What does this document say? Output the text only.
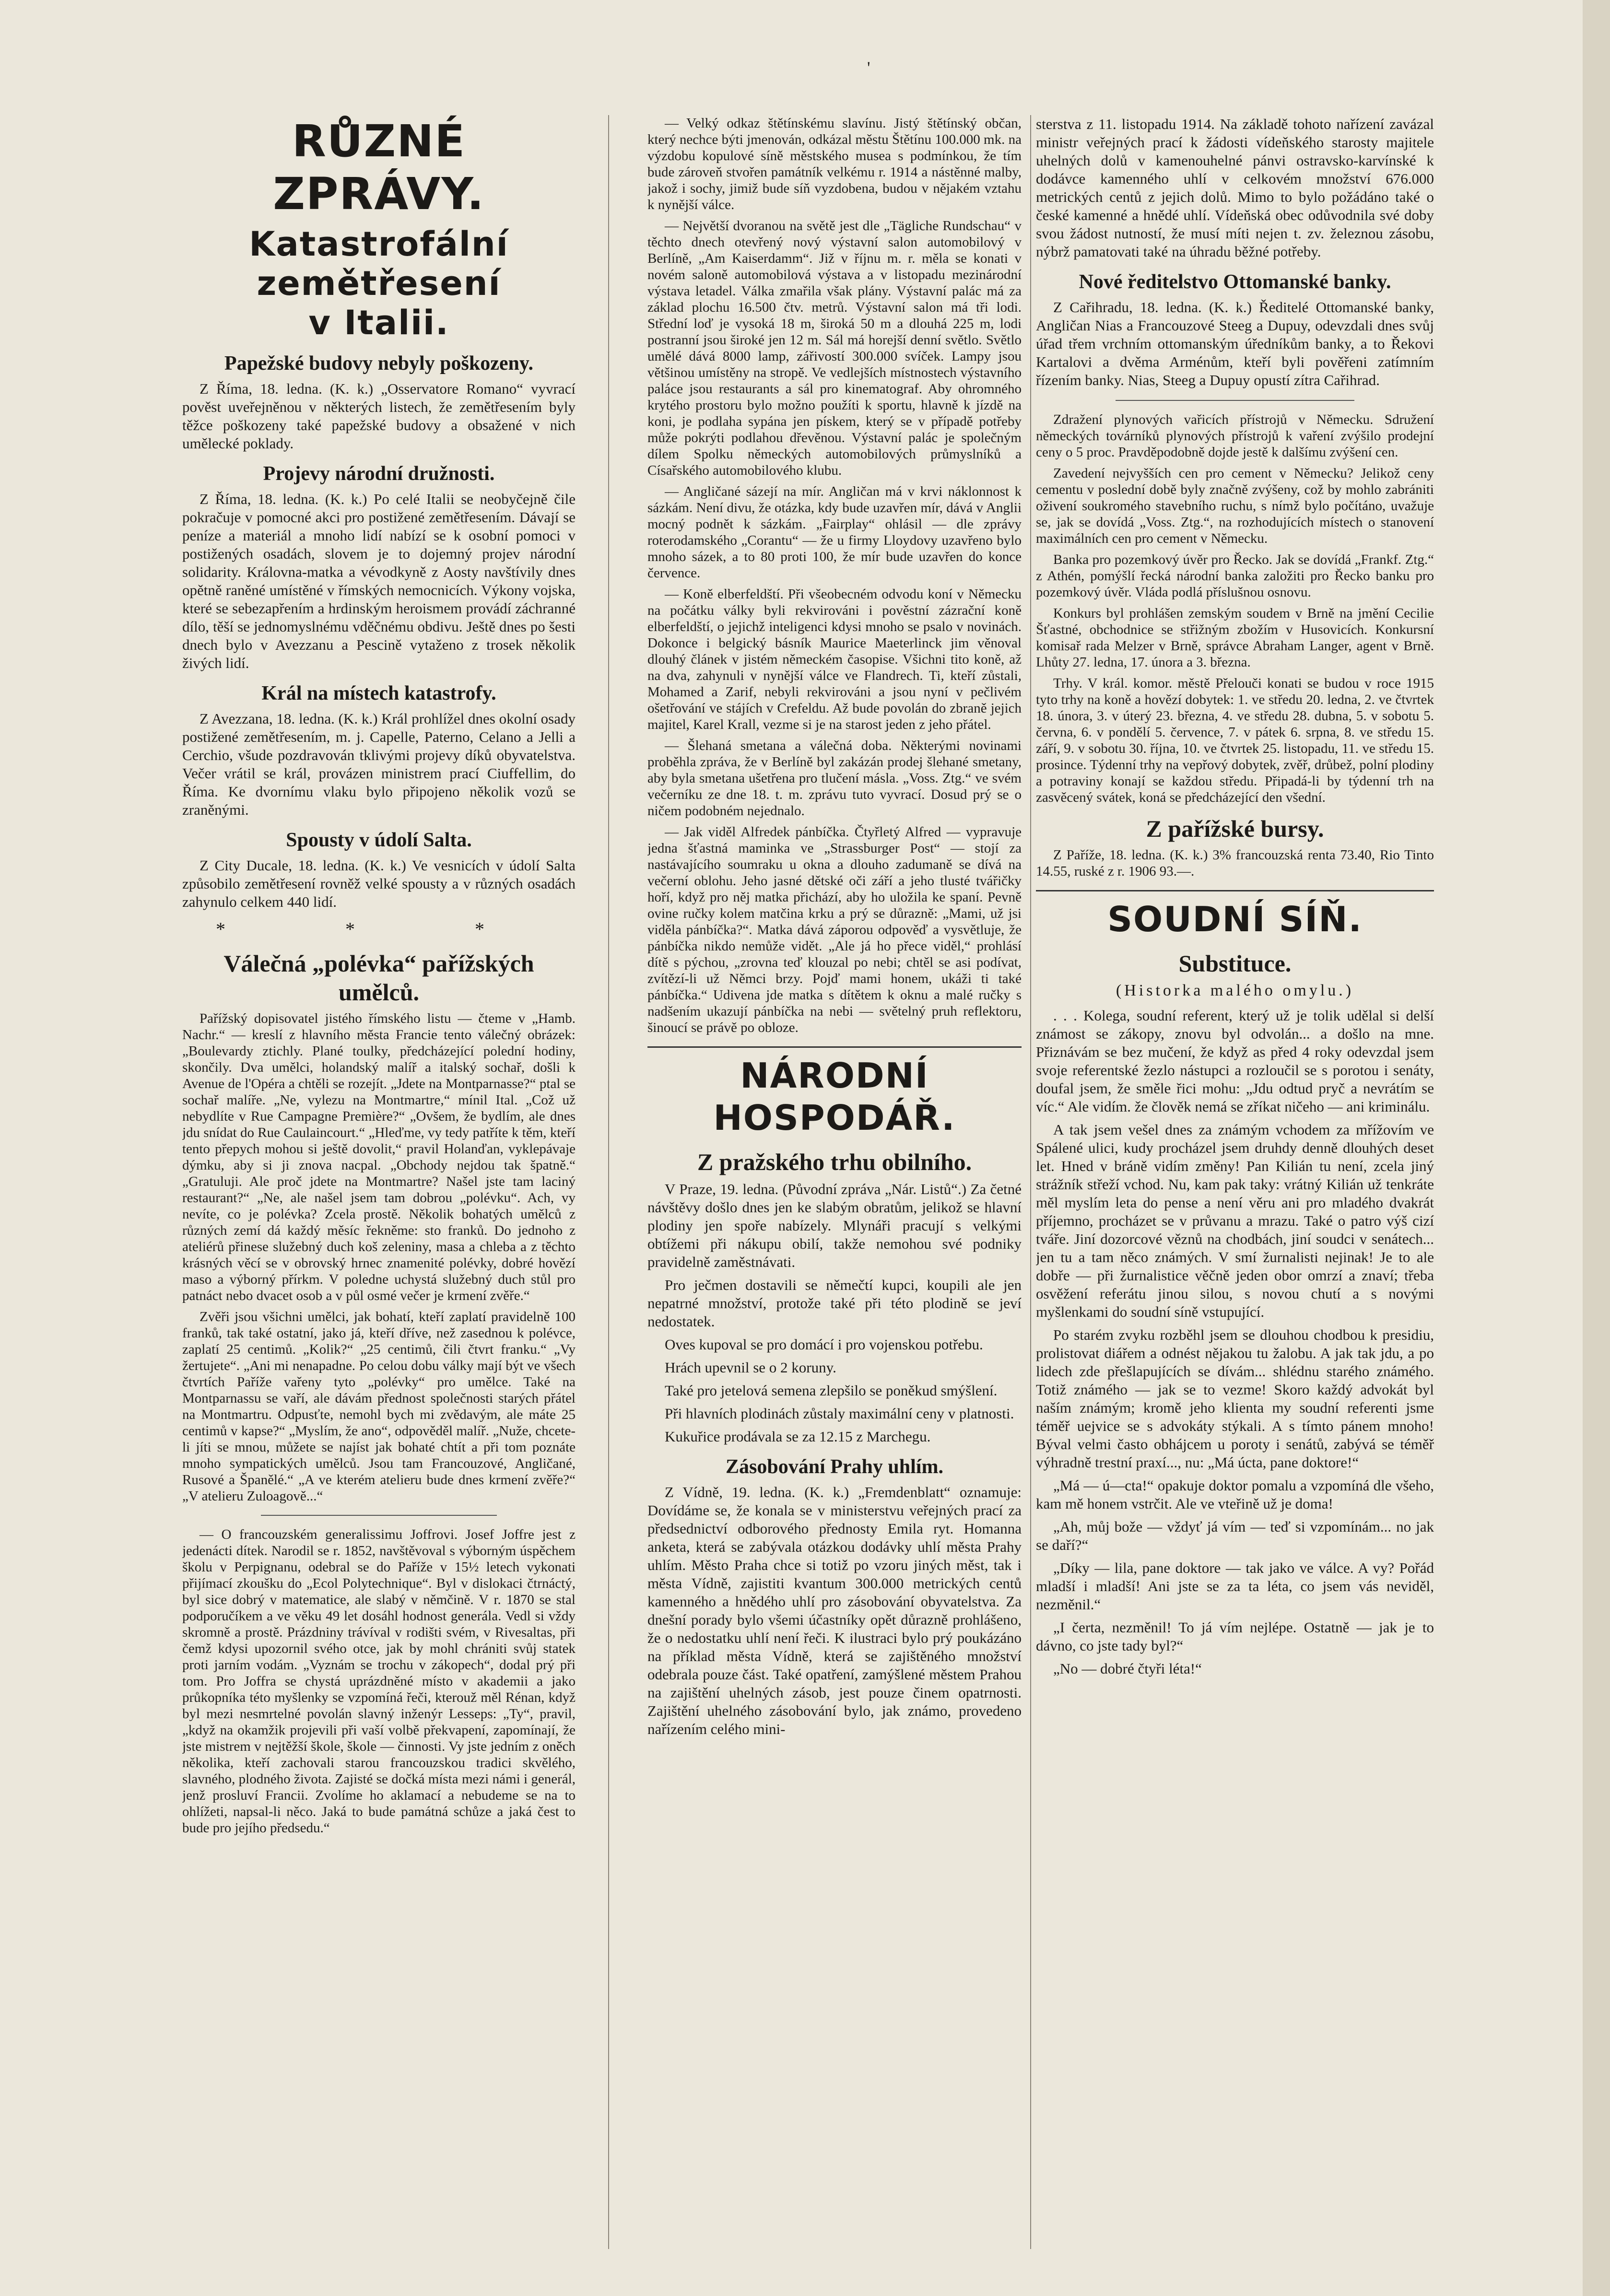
'
RŮZNÉ ZPRÁVY.
Katastrofální zemětřesení
v Italii.
Papežské budovy nebyly poškozeny.

Z Říma, 18. ledna. (K. k.) „Osservatore Romano“ vyvrací pověst uveřejněnou v některých listech, že zemětřesením byly těžce poškozeny také papežské budovy a obsažené v nich umělecké poklady.

Projevy národní družnosti.

Z Říma, 18. ledna. (K. k.) Po celé Italii se neobyčejně čile pokračuje v pomocné akci pro postižené zemětřesením. Dávají se peníze a materiál a mnoho lidí nabízí se k osobní pomoci v postižených osadách, slovem je to dojemný projev národní solidarity. Královna-matka a vévodkyně z Aosty navštívily dnes opětně raněné umístěné v římských nemocnicích. Výkony vojska, které se sebezapřením a hrdinským heroismem provádí záchranné dílo, těší se jednomyslnému vděčnému obdivu. Ještě dnes po šesti dnech bylo v Avezzanu a Pescině vytaženo z trosek několik živých lidí.

Král na místech katastrofy.

Z Avezzana, 18. ledna. (K. k.) Král prohlížel dnes okolní osady postižené zemětřesením, m. j. Capelle, Paterno, Celano a Jelli a Cerchio, všude pozdravován tklivými projevy díků obyvatelstva. Večer vrátil se král, provázen ministrem prací Ciuffellim, do Říma. Ke dvornímu vlaku bylo připojeno několik vozů se zraněnými.

Spousty v údolí Salta.

Z City Ducale, 18. ledna. (K. k.) Ve vesnicích v údolí Salta způsobilo zemětřesení rovněž velké spousty a v různých osadách zahynulo celkem 440 lidí.

* * *
Válečná „polévka“ pařížských umělců.

Pařížský dopisovatel jistého římského listu — čteme v „Hamb. Nachr.“ — kreslí z hlavního města Francie tento válečný obrázek: „Boulevardy ztichly. Plané toulky, předcházející polední hodiny, skončily. Dva umělci, holandský malíř a italský sochař, došli k Avenue de l'Opéra a chtěli se rozejít. „Jdete na Montparnasse?“ ptal se sochař malíře. „Ne, vylezu na Montmartre,“ mínil Ital. „Což už nebydlíte v Rue Campagne Première?“ „Ovšem, že bydlím, ale dnes jdu snídat do Rue Caulaincourt.“ „Hleďme, vy tedy patříte k těm, kteří tento přepych mohou si ještě dovolit,“ pravil Holanďan, vyklepávaje dýmku, aby si ji znova nacpal. „Obchody nejdou tak špatně.“ „Gratuluji. Ale proč jdete na Montmartre? Našel jste tam laciný restaurant?“ „Ne, ale našel jsem tam dobrou „polévku“. Ach, vy nevíte, co je polévka? Zcela prostě. Několik bohatých umělců z různých zemí dá každý měsíc řekněme: sto franků. Do jednoho z ateliérů přinese služebný duch koš zeleniny, masa a chleba a z těchto krásných věcí se v obrovský hrnec znamenité polévky, dobré hovězí maso a výborný přírkm. V poledne uchystá služebný duch stůl pro patnáct nebo dvacet osob a v půl osmé večer je krmení zvěře.“

Zvěři jsou všichni umělci, jak bohatí, kteří zaplatí pravidelně 100 franků, tak také ostatní, jako já, kteří dříve, než zasednou k polévce, zaplatí 25 centimů. „Kolik?“ „25 centimů, čili čtvrt franku.“ „Vy žertujete“. „Ani mi nenapadne. Po celou dobu války mají být ve všech čtvrtích Paříže vařeny tyto „polévky“ pro umělce. Také na Montparnassu se vaří, ale dávám přednost společnosti starých přátel na Montmartru. Odpusťte, nemohl bych mi zvědavým, ale máte 25 centimů v kapse?“ „Myslím, že ano“, odpověděl malíř. „Nuže, chcete-li jíti se mnou, můžete se najíst jak bohaté chtít a při tom poznáte mnoho sympatických umělců. Jsou tam Francouzové, Angličané, Rusové a Španělé.“ „A ve kterém atelieru bude dnes krmení zvěře?“ „V atelieru Zuloagově...“

— O francouzském generalissimu Joffrovi. Josef Joffre jest z jedenácti dítek. Narodil se r. 1852, navštěvoval s výborným úspěchem školu v Perpignanu, odebral se do Paříže v 15½ letech vykonati přijímací zkoušku do „Ecol Polytechnique“. Byl v dislokaci čtrnáctý, byl sice dobrý v matematice, ale slabý v němčině. V r. 1870 se stal podporučíkem a ve věku 49 let dosáhl hodnost generála. Vedl si vždy skromně a prostě. Prázdniny trávíval v rodišti svém, v Rivesaltas, při čemž kdysi upozornil svého otce, jak by mohl chrániti svůj statek proti jarním vodám. „Vyznám se trochu v zákopech“, dodal prý při tom. Pro Joffra se chystá uprázdněné místo v akademii a jako průkopníka této myšlenky se vzpomíná řeči, kterouž měl Rénan, když byl mezi nesmrtelné povolán slavný inženýr Lesseps: „Ty“, pravil, „když na okamžik projevili při vaší volbě překvapení, zapomínají, že jste mistrem v nejtěžší škole, škole — činnosti. Vy jste jedním z oněch několika, kteří zachovali starou francouzskou tradici skvělého, slavného, plodného života. Zajisté se dočká místa mezi námi i generál, jenž prosluví Francii. Zvolíme ho aklamací a nebudeme se na to ohlížeti, napsal-li něco. Jaká to bude památná schůze a jaká čest to bude pro jejího předsedu.“

— Velký odkaz štětínskému slavínu. Jistý štětínský občan, který nechce býti jmenován, odkázal městu Štětínu 100.000 mk. na výzdobu kopulové síně městského musea s podmínkou, že tím bude zároveň stvořen památník velkému r. 1914 a nástěnné malby, jakož i sochy, jimiž bude síň vyzdobena, budou v nějakém vztahu k nynější válce.

— Největší dvoranou na světě jest dle „Tägliche Rundschau“ v těchto dnech otevřený nový výstavní salon automobilový v Berlíně, „Am Kaiserdamm“. Již v říjnu m. r. měla se konati v novém saloně automobilová výstava a v listopadu mezinárodní výstava letadel. Válka zmařila však plány. Výstavní palác má za základ plochu 16.500 čtv. metrů. Výstavní salon má tři lodi. Střední loď je vysoká 18 m, široká 50 m a dlouhá 225 m, lodi postranní jsou široké jen 12 m. Sál má horejší denní světlo. Světlo umělé dává 8000 lamp, zářivostí 300.000 svíček. Lampy jsou většinou umístěny na stropě. Ve vedlejších místnostech výstavního paláce jsou restaurants a sál pro kinematograf. Aby ohromného krytého prostoru bylo možno použíti k sportu, hlavně k jízdě na koni, je podlaha sypána jen pískem, který se v případě potřeby může pokrýti podlahou dřevěnou. Výstavní palác je společným dílem Spolku německých automobilových průmyslníků a Císařského automobilového klubu.

— Angličané sázejí na mír. Angličan má v krvi náklonnost k sázkám. Není divu, že otázka, kdy bude uzavřen mír, dává v Anglii mocný podnět k sázkám. „Fairplay“ ohlásil — dle zprávy roterodamského „Corantu“ — že u firmy Lloydovy uzavřeno bylo mnoho sázek, a to 80 proti 100, že mír bude uzavřen do konce července.

— Koně elberfeldští. Při všeobecném odvodu koní v Německu na počátku války byli rekvirováni i pověstní zázrační koně elberfeldští, o jejichž inteligenci kdysi mnoho se psalo v novinách. Dokonce i belgický básník Maurice Maeterlinck jim věnoval dlouhý článek v jistém německém časopise. Všichni tito koně, až na dva, zahynuli v nynější válce ve Flandrech. Ti, kteří zůstali, Mohamed a Zarif, nebyli rekvirováni a jsou nyní v pečlivém ošetřování ve stájích v Crefeldu. Až bude povolán do zbraně jejich majitel, Karel Krall, vezme si je na starost jeden z jeho přátel.

— Šlehaná smetana a válečná doba. Některými novinami proběhla zpráva, že v Berlíně byl zakázán prodej šlehané smetany, aby byla smetana ušetřena pro tlučení másla. „Voss. Ztg.“ ve svém večerníku ze dne 18. t. m. zprávu tuto vyvrací. Dosud prý se o ničem podobném nejednalo.

— Jak viděl Alfredek pánbíčka. Čtyřletý Alfred — vypravuje jedna šťastná maminka ve „Strassburger Post“ — stojí za nastávajícího soumraku u okna a dlouho zadumaně se dívá na večerní oblohu. Jeho jasné dětské oči září a jeho tlusté tvářičky hoří, když pro něj matka přichází, aby ho uložila ke spaní. Pevně ovine ručky kolem matčina krku a prý se důrazně: „Mami, už jsi viděla pánbíčka?“. Matka dává záporou odpověď a vysvětluje, že pánbíčka nikdo nemůže vidět. „Ale já ho přece viděl,“ prohlásí dítě s pýchou, „zrovna teď klouzal po nebi; chtěl se asi podívat, zvítězí-li už Němci brzy. Pojď mami honem, ukáži ti také pánbíčka.“ Udivena jde matka s dítětem k oknu a malé ručky s nadšením ukazují pánbíčka na nebi — světelný pruh reflektoru, šinoucí se právě po obloze.

NÁRODNÍ HOSPODÁŘ.
Z pražského trhu obilního.

V Praze, 19. ledna. (Původní zpráva „Nár. Listů“.) Za četné návštěvy došlo dnes jen ke slabým obratům, jelikož se hlavní plodiny jen spoře nabízely. Mlynáři pracují s velkými obtížemi při nákupu obilí, takže nemohou své podniky pravidelně zaměstnávati.

Pro ječmen dostavili se němečtí kupci, koupili ale jen nepatrné množství, protože také při této plodině se jeví nedostatek.

Oves kupoval se pro domácí i pro vojenskou potřebu.

Hrách upevnil se o 2 koruny.

Také pro jetelová semena zlepšilo se poněkud smýšlení.

Při hlavních plodinách zůstaly maximální ceny v platnosti.

Kukuřice prodávala se za 12.15 z Marchegu.

Zásobování Prahy uhlím.

Z Vídně, 19. ledna. (K. k.) „Fremdenblatt“ oznamuje: Dovídáme se, že konala se v ministerstvu veřejných prací za předsednictví odborového přednosty Emila ryt. Homanna anketa, která se zabývala otázkou dodávky uhlí města Prahy uhlím. Město Praha chce si totiž po vzoru jiných měst, tak i města Vídně, zajistiti kvantum 300.000 metrických centů kamenného a hnědého uhlí pro zásobování obyvatelstva. Za dnešní porady bylo všemi účastníky opět důrazně prohlášeno, že o nedostatku uhlí není řeči. K ilustraci bylo prý poukázáno na příklad města Vídně, která se zajištěného množství odebrala pouze část. Také opatření, zamýšlené městem Prahou na zajištění uhelných zásob, jest pouze činem opatrnosti. Zajištění uhelného zásobování bylo, jak známo, provedeno nařízením celého mini-

sterstva z 11. listopadu 1914. Na základě tohoto nařízení zavázal ministr veřejných prací k žádosti vídeňského starosty majitele uhelných dolů v kamenouhelné pánvi ostravsko-karvínské k dodávce kamenného uhlí v celkovém množství 676.000 metrických centů z jejich dolů. Mimo to bylo požádáno také o české kamenné a hnědé uhlí. Vídeňská obec odůvodnila své doby svou žádost nutností, že musí míti nejen t. zv. železnou zásobu, nýbrž pamatovati také na úhradu běžné potřeby.

Nové ředitelstvo Ottomanské banky.

Z Cařihradu, 18. ledna. (K. k.) Ředitelé Ottomanské banky, Angličan Nias a Francouzové Steeg a Dupuy, odevzdali dnes svůj úřad třem vrchním ottomanským úředníkům banky, a to Řekovi Kartalovi a dvěma Arménům, kteří byli pověřeni zatímním řízením banky. Nias, Steeg a Dupuy opustí zítra Cařihrad.

Zdražení plynových vařicích přístrojů v Německu. Sdružení německých továrníků plynových přístrojů k vaření zvýšilo prodejní ceny o 5 proc. Pravděpodobně dojde jestě k dalšímu zvýšení cen.

Zavedení nejvyšších cen pro cement v Německu? Jelikož ceny cementu v poslední době byly značně zvýšeny, což by mohlo zabrániti oživení soukromého stavebního ruchu, s nímž bylo počítáno, uvažuje se, jak se dovídá „Voss. Ztg.“, na rozhodujících místech o stanovení maximálních cen pro cement v Německu.

Banka pro pozemkový úvěr pro Řecko. Jak se dovídá „Frankf. Ztg.“ z Athén, pomýšlí řecká národní banka založiti pro Řecko banku pro pozemkový úvěr. Vláda podlá příslušnou osnovu.

Konkurs byl prohlášen zemským soudem v Brně na jmění Cecilie Šťastné, obchodnice se střižným zbožím v Husovicích. Konkursní komisař rada Melzer v Brně, správce Abraham Langer, agent v Brně. Lhůty 27. ledna, 17. února a 3. března.

Trhy. V král. komor. městě Přelouči konati se budou v roce 1915 tyto trhy na koně a hovězí dobytek: 1. ve středu 20. ledna, 2. ve čtvrtek 18. února, 3. v úterý 23. března, 4. ve středu 28. dubna, 5. v sobotu 5. června, 6. v pondělí 5. července, 7. v pátek 6. srpna, 8. ve středu 15. září, 9. v sobotu 30. října, 10. ve čtvrtek 25. listopadu, 11. ve středu 15. prosince. Týdenní trhy na vepřový dobytek, zvěř, drůbež, polní plodiny a potraviny konají se každou středu. Připadá-li by týdenní trh na zasvěcený svátek, koná se předcházející den všední.

Z pařížské bursy.

Z Paříže, 18. ledna. (K. k.) 3% francouzská renta 73.40, Rio Tinto 14.55, ruské z r. 1906 93.—.

SOUDNÍ SÍŇ.
Substituce.
(Historka malého omylu.)

. . . Kolega, soudní referent, který už je tolik udělal si delší známost se zákopy, znovu byl odvolán... a došlo na mne. Přiznávám se bez mučení, že když as před 4 roky odevzdal jsem svoje referentské žezlo nástupci a rozloučil se s porotou i senáty, doufal jsem, že směle řici mohu: „Jdu odtud pryč a nevrátím se víc.“ Ale vidím. že člověk nemá se zříkat ničeho — ani kriminálu.

A tak jsem vešel dnes za známým vchodem za mřížovím ve Spálené ulici, kudy procházel jsem druhdy denně dlouhých deset let. Hned v bráně vidím změny! Pan Kilián tu není, zcela jiný strážník střeží vchod. Nu, kam pak taky: vrátný Kilián už tenkráte měl myslím leta do pense a není věru ani pro mladého dvakrát příjemno, procházet se v průvanu a mrazu. Také o patro výš cizí tváře. Jiní dozorcové věznů na chodbách, jiní soudci v senátech... jen tu a tam něco známých. V smí žurnalisti nejinak! Je to ale dobře — při žurnalistice věčně jeden obor omrzí a znaví; třeba osvěžení referátu jinou silou, s novou chutí a s novými myšlenkami do soudní síně vstupující.

Po starém zvyku rozběhl jsem se dlouhou chodbou k presidiu, prolistovat diářem a odnést nějakou tu žalobu. A jak tak jdu, a po lidech zde přešlapujících se dívám... shlédnu starého známého. Totiž známého — jak se to vezme! Skoro každý advokát byl naším známým; kromě jeho klienta my soudní referenti jsme téměř uejvice se s advokáty stýkali. A s tímto pánem mnoho! Býval velmi často obhájcem u poroty i senátů, zabývá se téměř výhradně trestní praxí..., nu: „Má úcta, pane doktore!“

„Má — ú—cta!“ opakuje doktor pomalu a vzpomíná dle všeho, kam mě honem vstrčit. Ale ve vteřině už je doma!

„Ah, můj bože — vždyť já vím — teď si vzpomínám... no jak se daří?“

„Díky — lila, pane doktore — tak jako ve válce. A vy? Pořád mladší i mladší! Ani jste se za ta léta, co jsem vás neviděl, nezměnil.“

„I čerta, nezměnil! To já vím nejlépe. Ostatně — jak je to dávno, co jste tady byl?“

„No — dobré čtyři léta!“
